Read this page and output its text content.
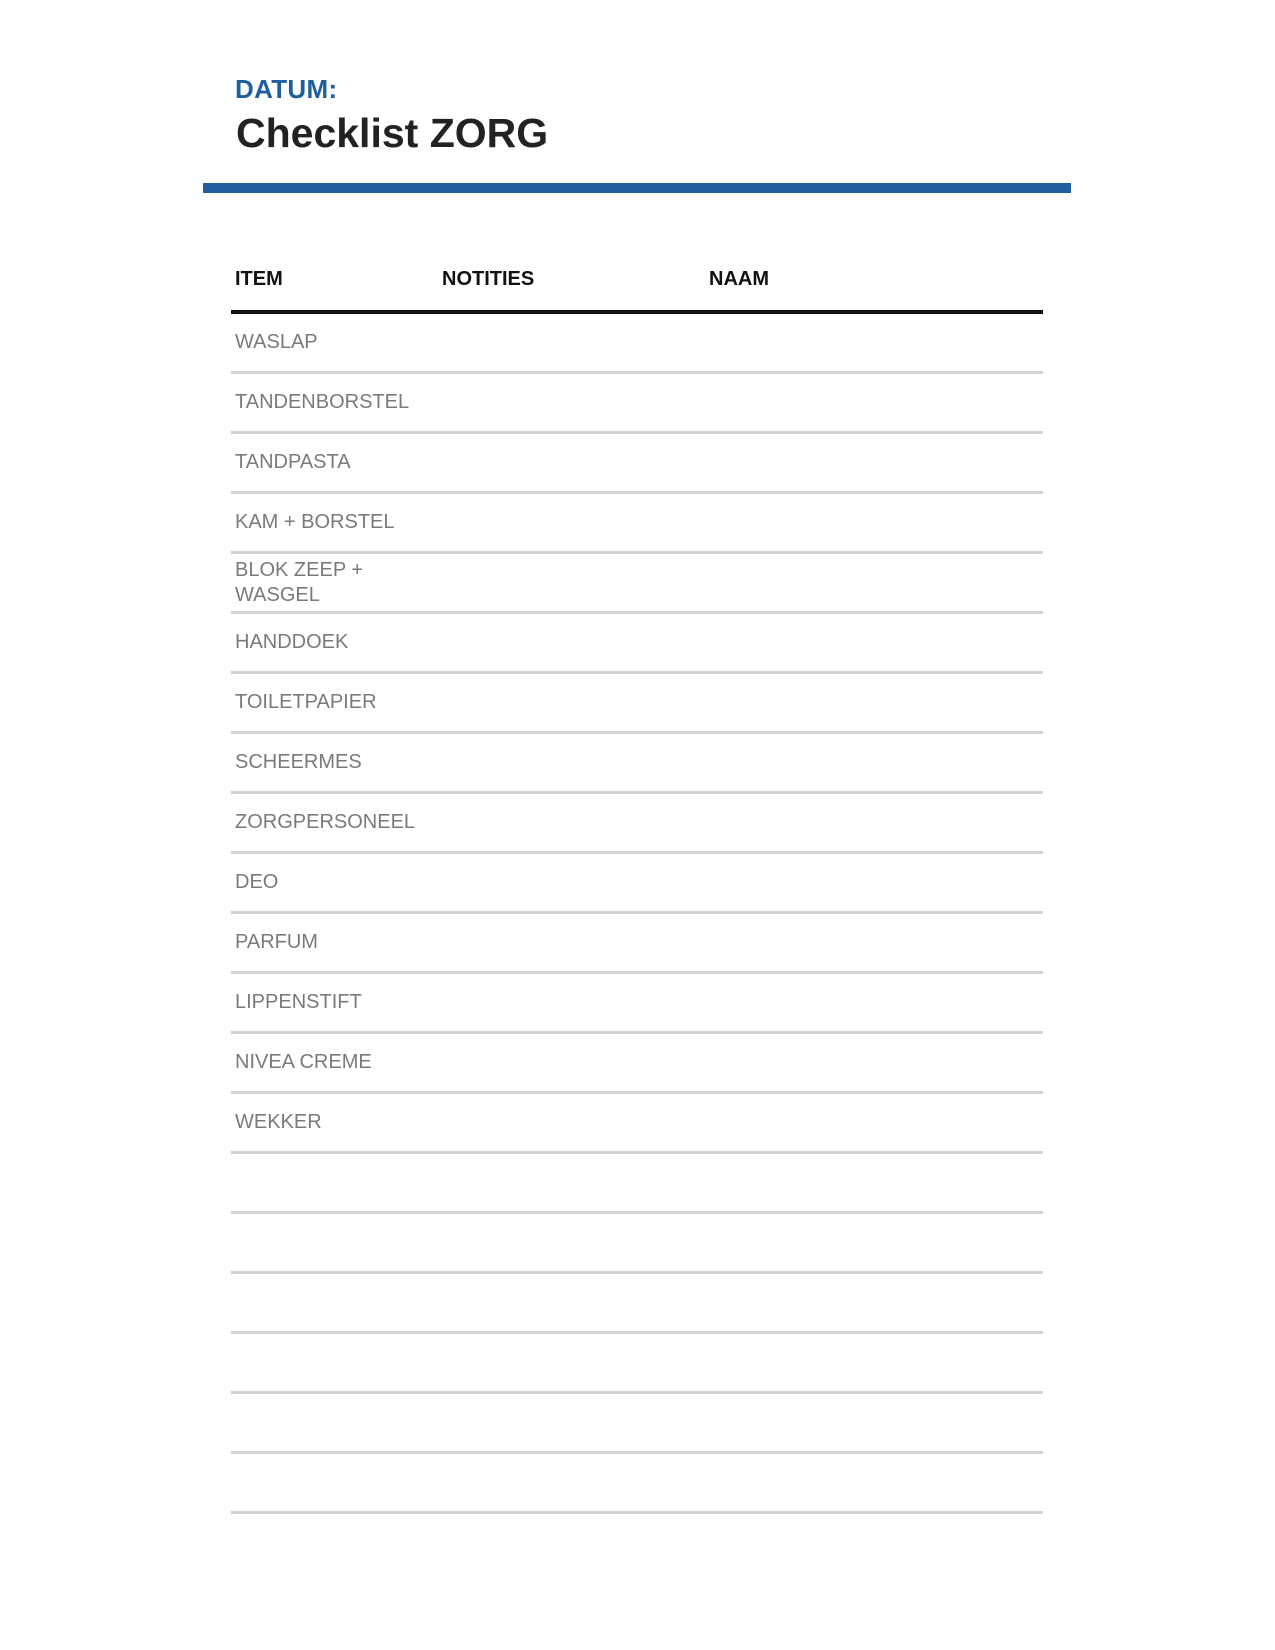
DATUM:
Checklist ZORG
ITEM	NOTITIES	NAAM
WASLAP
TANDENBORSTEL
TANDPASTA
KAM + BORSTEL
BLOK ZEEP + WASGEL
HANDDOEK
TOILETPAPIER
SCHEERMES
ZORGPERSONEEL
DEO
PARFUM
LIPPENSTIFT
NIVEA CREME
WEKKER
